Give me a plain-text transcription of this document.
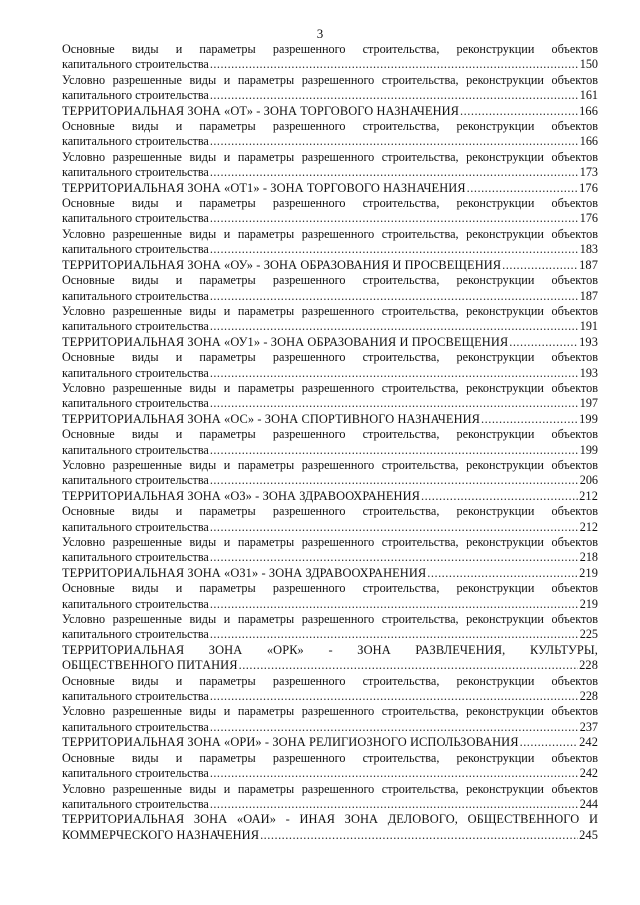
3
Основные виды и параметры разрешенного строительства, реконструкции объектов
капитального строительства .....	150
Условно разрешенные виды и параметры разрешенного строительства, реконструкции объектов
капитального строительства .....	161
ТЕРРИТОРИАЛЬНАЯ ЗОНА «ОТ» - ЗОНА ТОРГОВОГО НАЗНАЧЕНИЯ .....	166
Основные виды и параметры разрешенного строительства, реконструкции объектов
капитального строительства .....	166
Условно разрешенные виды и параметры разрешенного строительства, реконструкции объектов
капитального строительства .....	173
ТЕРРИТОРИАЛЬНАЯ ЗОНА «ОТ1» - ЗОНА ТОРГОВОГО НАЗНАЧЕНИЯ .....	176
Основные виды и параметры разрешенного строительства, реконструкции объектов
капитального строительства .....	176
Условно разрешенные виды и параметры разрешенного строительства, реконструкции объектов
капитального строительства .....	183
ТЕРРИТОРИАЛЬНАЯ ЗОНА «ОУ» - ЗОНА ОБРАЗОВАНИЯ И ПРОСВЕЩЕНИЯ .....	187
Основные виды и параметры разрешенного строительства, реконструкции объектов
капитального строительства .....	187
Условно разрешенные виды и параметры разрешенного строительства, реконструкции объектов
капитального строительства .....	191
ТЕРРИТОРИАЛЬНАЯ ЗОНА «ОУ1» - ЗОНА ОБРАЗОВАНИЯ И ПРОСВЕЩЕНИЯ .....	193
Основные виды и параметры разрешенного строительства, реконструкции объектов
капитального строительства .....	193
Условно разрешенные виды и параметры разрешенного строительства, реконструкции объектов
капитального строительства .....	197
ТЕРРИТОРИАЛЬНАЯ ЗОНА «ОС» - ЗОНА СПОРТИВНОГО НАЗНАЧЕНИЯ .....	199
Основные виды и параметры разрешенного строительства, реконструкции объектов
капитального строительства .....	199
Условно разрешенные виды и параметры разрешенного строительства, реконструкции объектов
капитального строительства .....	206
ТЕРРИТОРИАЛЬНАЯ ЗОНА «ОЗ» - ЗОНА ЗДРАВООХРАНЕНИЯ .....	212
Основные виды и параметры разрешенного строительства, реконструкции объектов
капитального строительства .....	212
Условно разрешенные виды и параметры разрешенного строительства, реконструкции объектов
капитального строительства .....	218
ТЕРРИТОРИАЛЬНАЯ ЗОНА «ОЗ1» - ЗОНА ЗДРАВООХРАНЕНИЯ .....	219
Основные виды и параметры разрешенного строительства, реконструкции объектов
капитального строительства .....	219
Условно разрешенные виды и параметры разрешенного строительства, реконструкции объектов
капитального строительства .....	225
ТЕРРИТОРИАЛЬНАЯ ЗОНА «ОРК» - ЗОНА РАЗВЛЕЧЕНИЯ, КУЛЬТУРЫ,
ОБЩЕСТВЕННОГО ПИТАНИЯ .....	228
Основные виды и параметры разрешенного строительства, реконструкции объектов
капитального строительства .....	228
Условно разрешенные виды и параметры разрешенного строительства, реконструкции объектов
капитального строительства .....	237
ТЕРРИТОРИАЛЬНАЯ ЗОНА «ОРИ» - ЗОНА РЕЛИГИОЗНОГО ИСПОЛЬЗОВАНИЯ .....	242
Основные виды и параметры разрешенного строительства, реконструкции объектов
капитального строительства .....	242
Условно разрешенные виды и параметры разрешенного строительства, реконструкции объектов
капитального строительства .....	244
ТЕРРИТОРИАЛЬНАЯ ЗОНА «ОАИ» - ИНАЯ ЗОНА ДЕЛОВОГО, ОБЩЕСТВЕННОГО И
КОММЕРЧЕСКОГО НАЗНАЧЕНИЯ .....	245
